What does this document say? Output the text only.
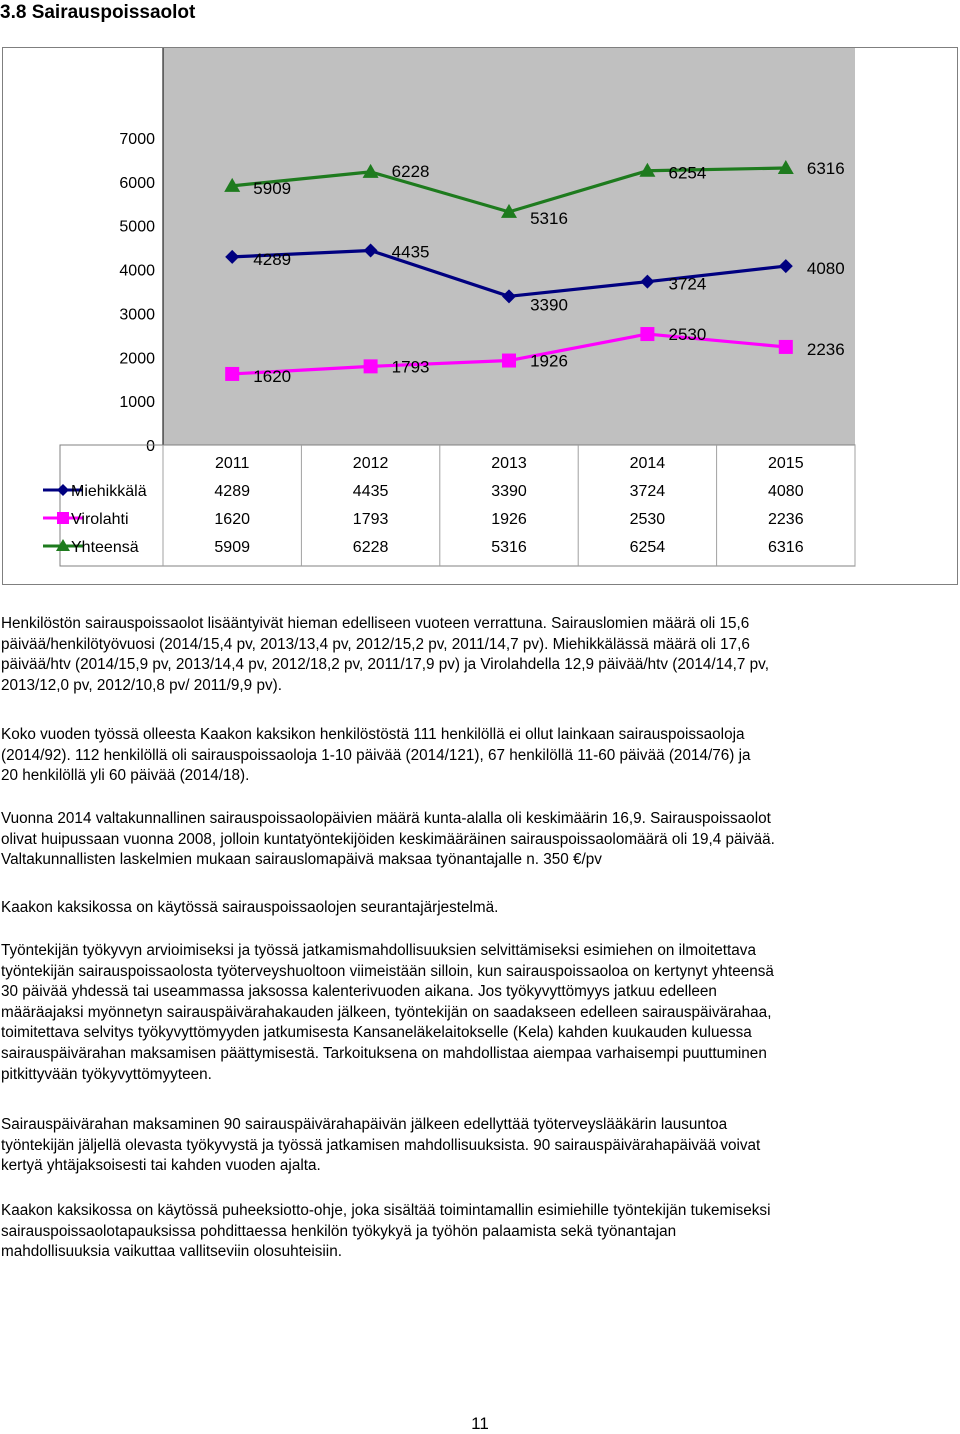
3.8 Sairauspoissaolot
0
1000
2000
3000
4000
5000
6000
7000
2011	2012	2013	2014	2015
4289	4435
3390
3724
4080
Miehikkälä	4289	4435	3390	3724	4080
1620
1793	1926
2530
2236
Virolahti	1620	1793	1926	2530	2236
5909
6228
5316
6254	6316
Yhteensä	5909	6228	5316	6254	6316
Henkilöstön sairauspoissaolot lisääntyivät hieman edelliseen vuoteen verrattuna. Sairauslomien määrä oli 15,6
päivää/henkilötyövuosi (2014/15,4 pv, 2013/13,4 pv, 2012/15,2 pv, 2011/14,7 pv). Miehikkälässä määrä oli 17,6
päivää/htv (2014/15,9 pv, 2013/14,4 pv, 2012/18,2 pv, 2011/17,9 pv) ja Virolahdella 12,9 päivää/htv (2014/14,7 pv,
2013/12,0 pv, 2012/10,8 pv/ 2011/9,9 pv).
Koko vuoden työssä olleesta Kaakon kaksikon henkilöstöstä 111 henkilöllä ei ollut lainkaan sairauspoissaoloja
(2014/92). 112 henkilöllä oli sairauspoissaoloja 1-10 päivää (2014/121), 67 henkilöllä 11-60 päivää (2014/76) ja
20 henkilöllä yli 60 päivää (2014/18).
Vuonna 2014 valtakunnallinen sairauspoissaolopäivien määrä kunta-alalla oli keskimäärin 16,9. Sairauspoissaolot
olivat huipussaan vuonna 2008, jolloin kuntatyöntekijöiden keskimääräinen sairauspoissaolomäärä oli 19,4 päivää.
Valtakunnallisten laskelmien mukaan sairauslomapäivä maksaa työnantajalle n. 350 €/pv
Kaakon kaksikossa on käytössä sairauspoissaolojen seurantajärjestelmä.
Työntekijän työkyvyn arvioimiseksi ja työssä jatkamismahdollisuuksien selvittämiseksi esimiehen on ilmoitettava
työntekijän sairauspoissaolosta työterveyshuoltoon viimeistään silloin, kun sairauspoissaoloa on kertynyt yhteensä
30 päivää yhdessä tai useammassa jaksossa kalenterivuoden aikana. Jos työkyvyttömyys jatkuu edelleen
määräajaksi myönnetyn sairauspäivärahakauden jälkeen, työntekijän on saadakseen edelleen sairauspäivärahaa,
toimitettava selvitys työkyvyttömyyden jatkumisesta Kansaneläkelaitokselle (Kela) kahden kuukauden kuluessa
sairauspäivärahan maksamisen päättymisestä. Tarkoituksena on mahdollistaa aiempaa varhaisempi puuttuminen
pitkittyvään työkyvyttömyyteen.
Sairauspäivärahan maksaminen 90 sairauspäivärahapäivän jälkeen edellyttää työterveyslääkärin lausuntoa
työntekijän jäljellä olevasta työkyvystä ja työssä jatkamisen mahdollisuuksista. 90 sairauspäivärahapäivää voivat
kertyä yhtäjaksoisesti tai kahden vuoden ajalta.
Kaakon kaksikossa on käytössä puheeksiotto-ohje, joka sisältää toimintamallin esimiehille työntekijän tukemiseksi
sairauspoissaolotapauksissa pohdittaessa henkilön työkykyä ja työhön palaamista sekä työnantajan
mahdollisuuksia vaikuttaa vallitseviin olosuhteisiin.
11
